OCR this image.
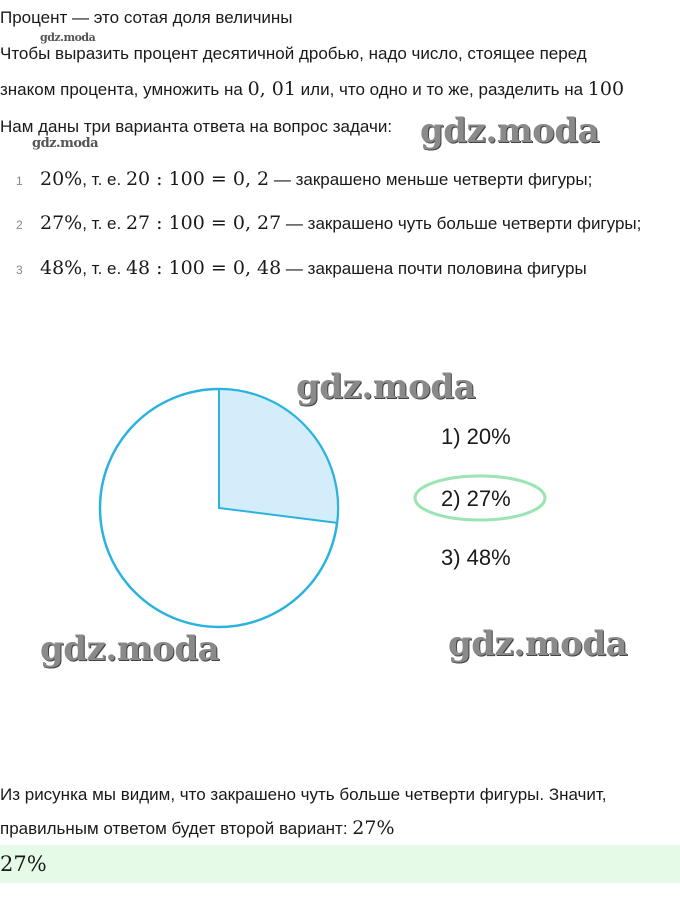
Процент — это сотая доля величины
Чтобы выразить процент десятичной дробью, надо число, стоящее перед
знаком процента, умножить на 0, 01 или, что одно и то же, разделить на 100
Нам даны три варианта ответа на вопрос задачи:
gdz.moda
gdz.moda	gdz.moda
1 20%, т. е. 20 : 100 = 0, 2 — закрашено меньше четверти фигуры;
2 27%, т. е. 27 : 100 = 0, 27 — закрашено чуть больше четверти фигуры;
3 48%, т. е. 48 : 100 = 0, 48 — закрашена почти половина фигуры
1) 20%
2) 27%
3) 48%
gdz.moda
gdz.moda	gdz.moda
Из рисунка мы видим, что закрашено чуть больше четверти фигуры. Значит,
правильным ответом будет второй вариант: 27%
27%
